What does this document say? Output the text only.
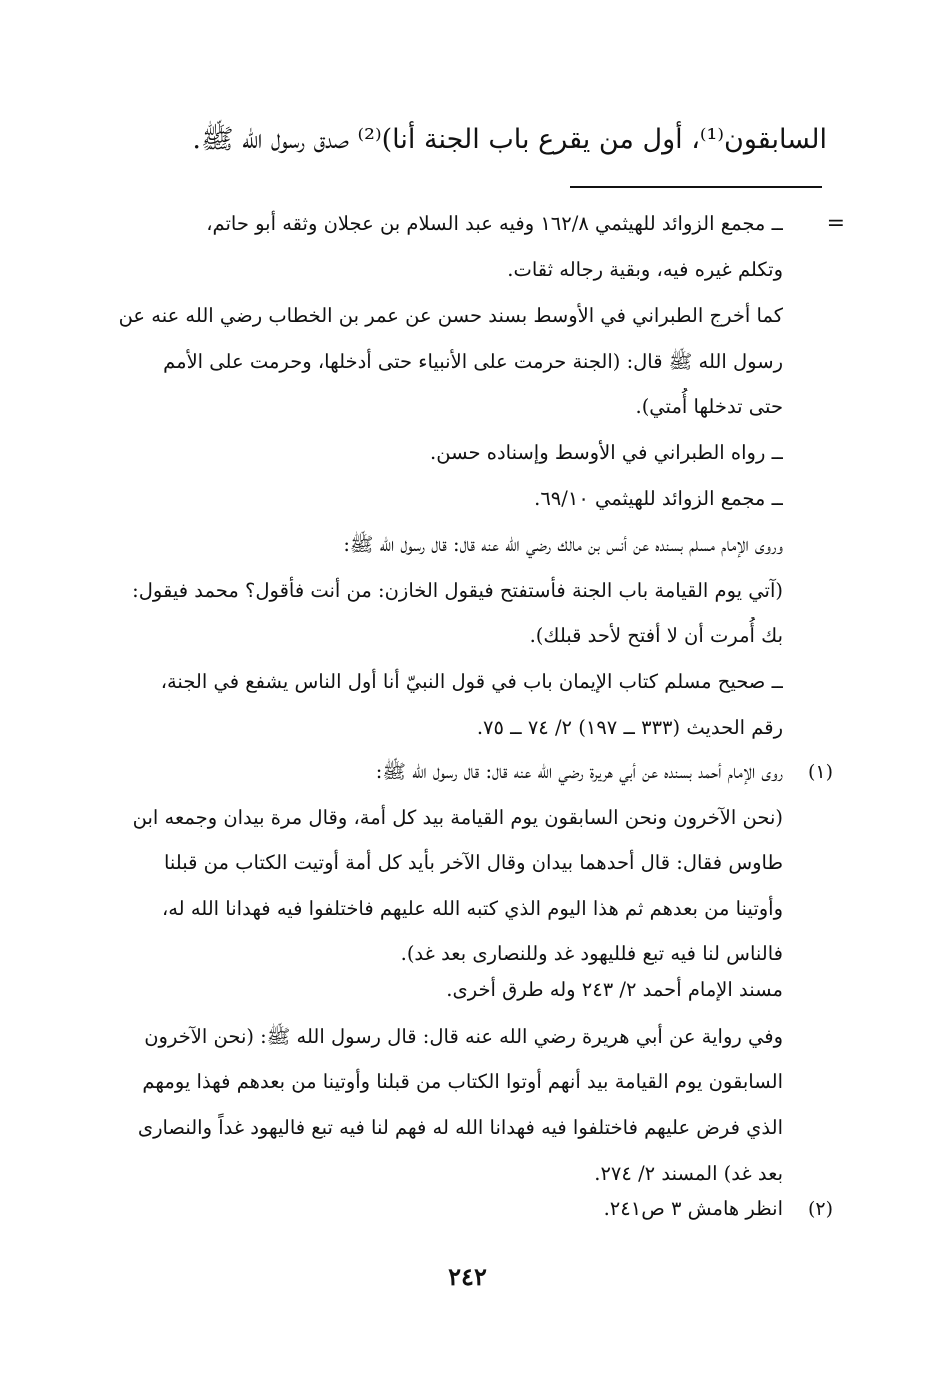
السابقون⁽¹⁾، أول من يقرع باب الجنة أنا)⁽²⁾ صدق رسول الله ﷺ.
=
ــ مجمع الزوائد للهيثمي ١٦٢/٨ وفيه عبد السلام بن عجلان وثقه أبو حاتم،
وتكلم غيره فيه، وبقية رجاله ثقات.
كما أخرج الطبراني في الأوسط بسند حسن عن عمر بن الخطاب رضي الله عنه عن
رسول الله ﷺ قال: (الجنة حرمت على الأنبياء حتى أدخلها، وحرمت على الأمم
حتى تدخلها أُمتي).
ــ رواه الطبراني في الأوسط وإسناده حسن.
ــ مجمع الزوائد للهيثمي ٦٩/١٠.
وروى الإمام مسلم بسنده عن أنس بن مالك رضي الله عنه قال: قال رسول الله ﷺ:
(آتي يوم القيامة باب الجنة فأستفتح فيقول الخازن: من أنت فأقول؟ محمد فيقول:
بك أُمرت أن لا أفتح لأحد قبلك).
ــ صحيح مسلم كتاب الإيمان باب في قول النبيّ أنا أول الناس يشفع في الجنة،
رقم الحديث (٣٣٣ ــ ١٩٧) ٢/ ٧٤ ــ ٧٥.
(١)
روى الإمام أحمد بسنده عن أبي هريرة رضي الله عنه قال: قال رسول الله ﷺ:
(نحن الآخرون ونحن السابقون يوم القيامة بيد كل أمة، وقال مرة بيدان وجمعه ابن
طاوس فقال: قال أحدهما بيدان وقال الآخر بأيد كل أمة أوتيت الكتاب من قبلنا
وأوتينا من بعدهم ثم هذا اليوم الذي كتبه الله عليهم فاختلفوا فيه فهدانا الله له،
فالناس لنا فيه تبع فلليهود غد وللنصارى بعد غد).
مسند الإمام أحمد ٢/ ٢٤٣ وله طرق أخرى.
وفي رواية عن أبي هريرة رضي الله عنه قال: قال رسول الله ﷺ: (نحن الآخرون
السابقون يوم القيامة بيد أنهم أوتوا الكتاب من قبلنا وأوتينا من بعدهم فهذا يومهم
الذي فرض عليهم فاختلفوا فيه فهدانا الله له فهم لنا فيه تبع فاليهود غداً والنصارى
بعد غد) المسند ٢/ ٢٧٤.
(٢)
انظر هامش ٣ ص٢٤١.
٢٤٢
